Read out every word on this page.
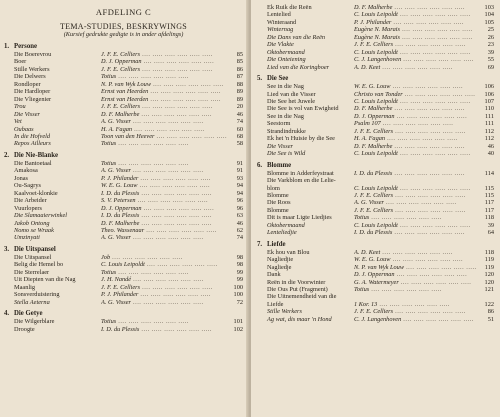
AFDELING C
TEMA-STUDIES, BESKRYWINGS
(Kursief gedrukte gedigte is in ander afdelings)
1. Persone
Die Boerevrou	J. F. E. Celliers ....	85
Boer	D. J. Opperman ....	85
Stille Werkers	J. F. E. Celliers ....	86
Die Delwers	Totius ....	87
Rondloper	N. P. van Wyk Louw ....	88
Die Hardloper	Ernst van Heerden ....	89
Die Vliegenier	Ernst van Heerden ....	89
Trou	J. F. E. Celliers ....	20
Die Visser	D. F. Malherbe ....	46
Vet	A. G. Visser ....	74
Oubaas	H. A. Fagan ....	60
In die Hofveld	Toon van den Heever ....	68
Repos Ailleurs	Totius ....	58
2. Die Nie-Blanke
Die Bantoetaal	Totius ....	91
Amakosa	A. G. Visser ....	91
Jonas	P. J. Philander ....	93
Ou-Sagrys	W. E. G. Louw ....	94
Kaalvoet-klonkie	I. D. du Plessis ....	94
Die Arbeider	S. V. Petersen ....	96
Vuurlopers	D. J. Opperman ....	96
Die Slamaaierwinkel	I. D. du Plessis ....	63
Jakob Ontong	D. F. Malherbe ....	46
Nomo se Wraak	Theo. Wassenaar ....	62
Umzinyati	A. G. Visser ....	74
3. Die Uitspansel
Die Uitspansel	Job ....	98
Belig die Hemel bo	C. Louis Leipoldt ....	98
Die Sterrelaer	Totius ....	99
Uit Diepten van die Nag	J. H. Nandé ....	99
Maanlig	J. F. E. Celliers ....	100
Sonsverduistering	P. J. Philander ....	100
Stella Aeterna	A. G. Visser ....	72
4. Die Getye
Die Wilgerblare	Totius ....	101
Droogte	I. D. du Plessis ....	102
Ek Ruik die Reën	D. F. Malherbe ....	103
Lentelied	C. Louis Leipoldt ....	104
Winteraand	P. J. Philander ....	105
Winternag	Eugène N. Marais ....	25
Die Dans van die Reën	Eugène N. Marais ....	26
Die Vlakte	J. F. E. Celliers ....	23
Oktobermaand	C. Louis Leipoldt ....	39
Die Onteiening	C. J. Langenhoven ....	55
Lied van die Koringboer	A. D. Keet ....	69
5. Die See
See in die Nag	W. E. G. Louw ....	106
Lied van die Visser	Christo van Tonder ....	106
Die See het Juwele	C. Louis Leipoldt ....	107
Die See is vol van Ewigheid	D. F. Malherbe ....	110
See in die Nag	D. J. Opperman ....	111
Seestorm	Psalm 107 ....	111
Strandindrukke	J. F. E. Celliers ....	112
Ek het 'n Huisie by die See	H. A. Fagan ....	112
Die Visser	D. F. Malherbe ....	46
Die See is Wild	C. Louis Leipoldt ....	40
6. Blomme
Blomme in Adderfeystraat	I. D. du Plessis ....	114
Die Varkblom en die Lelie-
blom	C. Louis Leipoldt ....	115
Blomme	J. F. E. Celliers ....	115
Die Roos	A. G. Visser ....	117
Blomme	J. F. E. Celliers ....	117
Dit is maar Ligte Liedjies	Totius ....	118
Oktobermaand	C. Louis Leipoldt ....	39
Lenteliedjie	I. D. du Plessis ....	64
7. Liefde
Ek hou van Blou	A. D. Keet ....	118
Nagliedjie	W. E. G. Louw ....	119
Nagliedje	N. P. van Wyk Louw ....	119
Dank	D. J. Opperman ....	120
Reën in die Voorwinter	G. A. Watermeyer ....	120
Die Ous Put (Fragment)	Totius ....	121
Die Uitnemendheid van die
Liefde	1 Kor. 13 ....	122
Stille Werkers	J. F. E. Celliers ....	86
Ag wat, dis maar 'n Hond	C. J. Langenhoven ....	51
